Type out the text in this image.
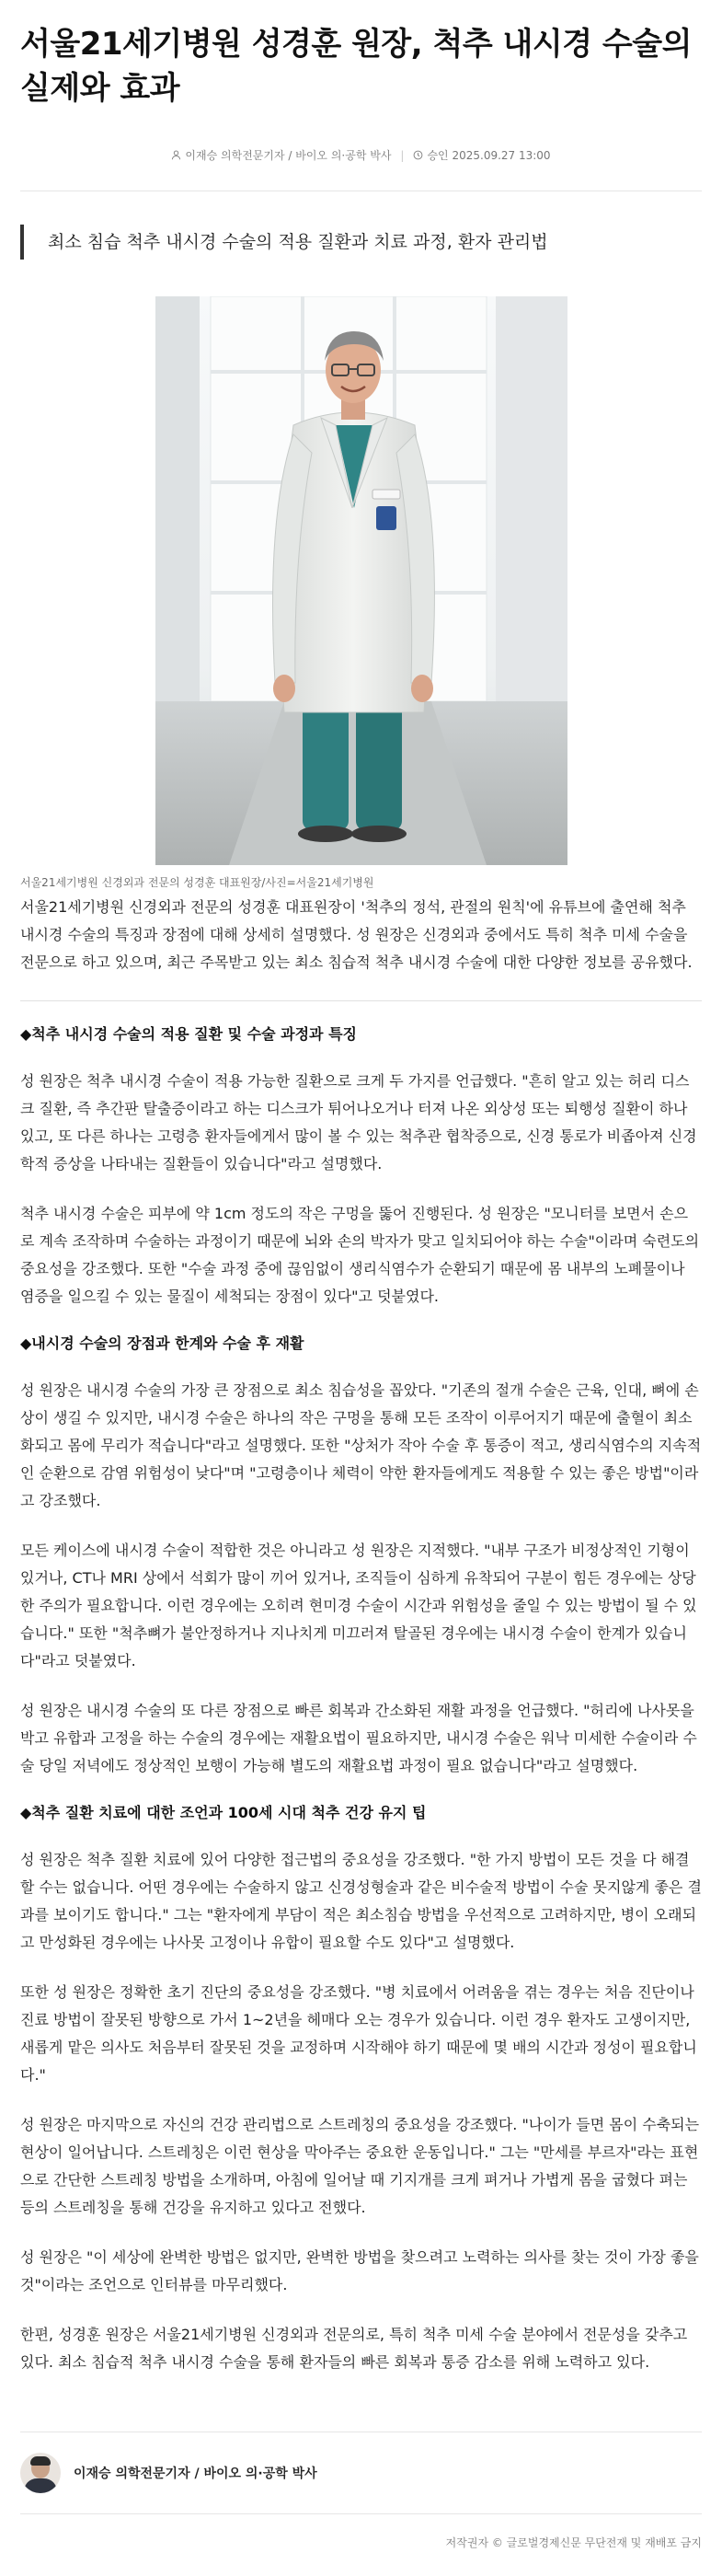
서울21세기병원 성경훈 원장, 척추 내시경 수술의 실제와 효과
이재승 의학전문기자 / 바이오 의·공학 박사 | 승인 2025.09.27 13:00
최소 침습 척추 내시경 수술의 적용 질환과 치료 과정, 환자 관리법

서울21세기병원 신경외과 전문의 성경훈 대표원장/사진=서울21세기병원

서울21세기병원 신경외과 전문의 성경훈 대표원장이 '척추의 정석, 관절의 원칙'에 유튜브에 출연해 척추 내시경 수술의 특징과 장점에 대해 상세히 설명했다. 성 원장은 신경외과 중에서도 특히 척추 미세 수술을 전문으로 하고 있으며, 최근 주목받고 있는 최소 침습적 척추 내시경 수술에 대한 다양한 정보를 공유했다.

◆척추 내시경 수술의 적용 질환 및 수술 과정과 특징

성 원장은 척추 내시경 수술이 적용 가능한 질환으로 크게 두 가지를 언급했다. "흔히 알고 있는 허리 디스크 질환, 즉 추간판 탈출증이라고 하는 디스크가 튀어나오거나 터져 나온 외상성 또는 퇴행성 질환이 하나 있고, 또 다른 하나는 고령층 환자들에게서 많이 볼 수 있는 척추관 협착증으로, 신경 통로가 비좁아져 신경학적 증상을 나타내는 질환들이 있습니다"라고 설명했다.

척추 내시경 수술은 피부에 약 1cm 정도의 작은 구멍을 뚫어 진행된다. 성 원장은 "모니터를 보면서 손으로 계속 조작하며 수술하는 과정이기 때문에 뇌와 손의 박자가 맞고 일치되어야 하는 수술"이라며 숙련도의 중요성을 강조했다. 또한 "수술 과정 중에 끊임없이 생리식염수가 순환되기 때문에 몸 내부의 노폐물이나 염증을 일으킬 수 있는 물질이 세척되는 장점이 있다"고 덧붙였다.

◆내시경 수술의 장점과 한계와 수술 후 재활

성 원장은 내시경 수술의 가장 큰 장점으로 최소 침습성을 꼽았다. "기존의 절개 수술은 근육, 인대, 뼈에 손상이 생길 수 있지만, 내시경 수술은 하나의 작은 구멍을 통해 모든 조작이 이루어지기 때문에 출혈이 최소화되고 몸에 무리가 적습니다"라고 설명했다. 또한 "상처가 작아 수술 후 통증이 적고, 생리식염수의 지속적인 순환으로 감염 위험성이 낮다"며 "고령층이나 체력이 약한 환자들에게도 적용할 수 있는 좋은 방법"이라고 강조했다.

모든 케이스에 내시경 수술이 적합한 것은 아니라고 성 원장은 지적했다. "내부 구조가 비정상적인 기형이 있거나, CT나 MRI 상에서 석회가 많이 끼어 있거나, 조직들이 심하게 유착되어 구분이 힘든 경우에는 상당한 주의가 필요합니다. 이런 경우에는 오히려 현미경 수술이 시간과 위험성을 줄일 수 있는 방법이 될 수 있습니다." 또한 "척추뼈가 불안정하거나 지나치게 미끄러져 탈골된 경우에는 내시경 수술이 한계가 있습니다"라고 덧붙였다.

성 원장은 내시경 수술의 또 다른 장점으로 빠른 회복과 간소화된 재활 과정을 언급했다. "허리에 나사못을 박고 유합과 고정을 하는 수술의 경우에는 재활요법이 필요하지만, 내시경 수술은 워낙 미세한 수술이라 수술 당일 저녁에도 정상적인 보행이 가능해 별도의 재활요법 과정이 필요 없습니다"라고 설명했다.

◆척추 질환 치료에 대한 조언과 100세 시대 척추 건강 유지 팁

성 원장은 척추 질환 치료에 있어 다양한 접근법의 중요성을 강조했다. "한 가지 방법이 모든 것을 다 해결할 수는 없습니다. 어떤 경우에는 수술하지 않고 신경성형술과 같은 비수술적 방법이 수술 못지않게 좋은 결과를 보이기도 합니다." 그는 "환자에게 부담이 적은 최소침습 방법을 우선적으로 고려하지만, 병이 오래되고 만성화된 경우에는 나사못 고정이나 유합이 필요할 수도 있다"고 설명했다.

또한 성 원장은 정확한 초기 진단의 중요성을 강조했다. "병 치료에서 어려움을 겪는 경우는 처음 진단이나 진료 방법이 잘못된 방향으로 가서 1~2년을 헤매다 오는 경우가 있습니다. 이런 경우 환자도 고생이지만, 새롭게 맡은 의사도 처음부터 잘못된 것을 교정하며 시작해야 하기 때문에 몇 배의 시간과 정성이 필요합니다."

성 원장은 마지막으로 자신의 건강 관리법으로 스트레칭의 중요성을 강조했다. "나이가 들면 몸이 수축되는 현상이 일어납니다. 스트레칭은 이런 현상을 막아주는 중요한 운동입니다." 그는 "만세를 부르자"라는 표현으로 간단한 스트레칭 방법을 소개하며, 아침에 일어날 때 기지개를 크게 펴거나 가볍게 몸을 굽혔다 펴는 등의 스트레칭을 통해 건강을 유지하고 있다고 전했다.

성 원장은 "이 세상에 완벽한 방법은 없지만, 완벽한 방법을 찾으려고 노력하는 의사를 찾는 것이 가장 좋을 것"이라는 조언으로 인터뷰를 마무리했다.

한편, 성경훈 원장은 서울21세기병원 신경외과 전문의로, 특히 척추 미세 수술 분야에서 전문성을 갖추고 있다. 최소 침습적 척추 내시경 수술을 통해 환자들의 빠른 회복과 통증 감소를 위해 노력하고 있다.

이재승 의학전문기자 / 바이오 의·공학 박사

저작권자 © 글로벌경제신문 무단전재 및 재배포 금지
